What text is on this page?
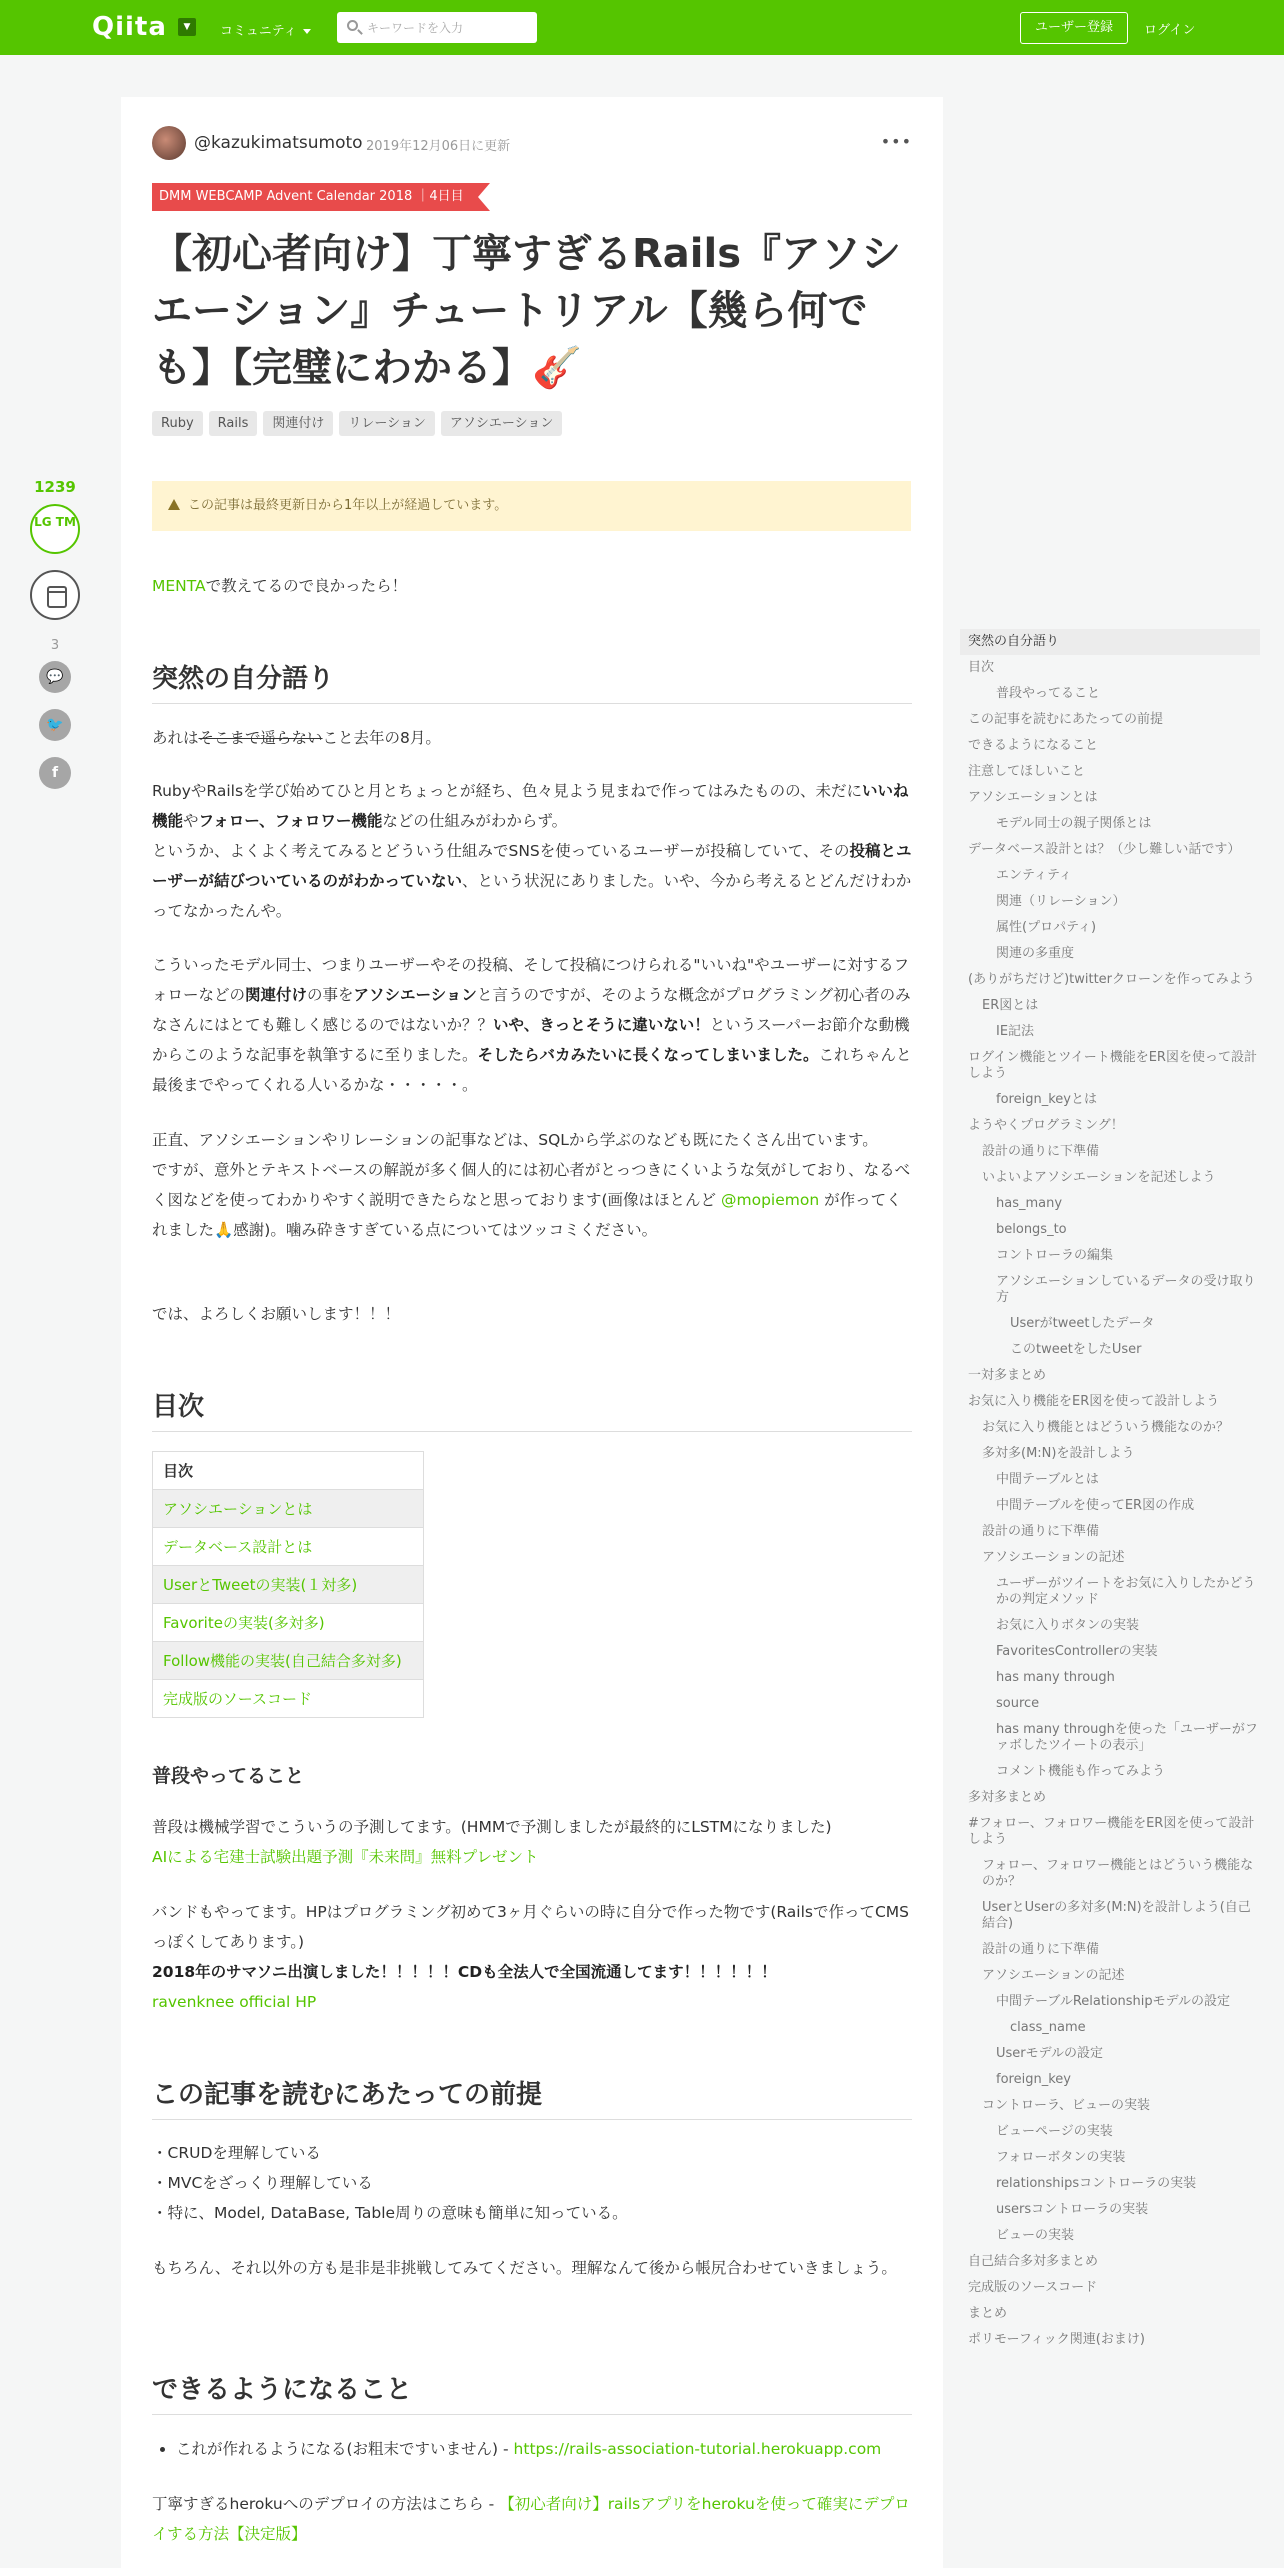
Qiita	▼	コミュニティ
キーワードを入力	ユーザー登録	ログイン
1239
LG TM
3
💬
🐦
f
@kazukimatsumoto 2019年12月06日に更新	•••
DMM WEBCAMP Advent Calendar 2018 ｜4日目
【初心者向け】丁寧すぎるRails『アソシエーション』チュートリアル【幾ら何でも】【完璧にわかる】🎸
Ruby Rails 関連付け リレーション アソシエーション
この記事は最終更新日から1年以上が経過しています。

MENTAで教えてるので良かったら！

突然の自分語り

あれはそこまで遥らないこと去年の8月。

RubyやRailsを学び始めてひと月とちょっとが経ち、色々見よう見まねで作ってはみたものの、未だにいいね機能やフォロー、フォロワー機能などの仕組みがわからず。
というか、よくよく考えてみるとどういう仕組みでSNSを使っているユーザーが投稿していて、その投稿とユーザーが結びついているのがわかっていない、という状況にありました。いや、今から考えるとどんだけわかってなかったんや。

こういったモデル同士、つまりユーザーやその投稿、そして投稿につけられる"いいね"やユーザーに対するフォローなどの関連付けの事をアソシエーションと言うのですが、そのような概念がプログラミング初心者のみなさんにはとても難しく感じるのではないか？？いや、きっとそうに違いない！というスーパーお節介な動機からこのような記事を執筆するに至りました。そしたらバカみたいに長くなってしまいました。これちゃんと最後までやってくれる人いるかな・・・・・。

正直、アソシエーションやリレーションの記事などは、SQLから学ぶのなども既にたくさん出ています。
ですが、意外とテキストベースの解説が多く個人的には初心者がとっつきにくいような気がしており、なるべく図などを使ってわかりやすく説明できたらなと思っております(画像はほとんど @mopiemon が作ってくれました🙏感謝)。噛み砕きすぎている点についてはツッコミください。

では、よろしくお願いします！！！

目次
目次
アソシエーションとは
データベース設計とは
UserとTweetの実装(１対多)
Favoriteの実装(多対多)
Follow機能の実装(自己結合多対多)
完成版のソースコード
普段やってること

普段は機械学習でこういうの予測してます。(HMMで予測しましたが最終的にLSTMになりました)
AIによる宅建士試験出題予測『未来問』無料プレゼント

バンドもやってます。HPはプログラミング初めて3ヶ月ぐらいの時に自分で作った物です(Railsで作ってCMSっぽくしてあります。)
2018年のサマソニ出演しました！！！！！CDも全法人で全国流通してます！！！！！！
ravenknee official HP

この記事を読むにあたっての前提
・CRUDを理解している
・MVCをざっくり理解している
・特に、Model, DataBase, Table周りの意味も簡単に知っている。

もちろん、それ以外の方も是非是非挑戦してみてください。理解なんて後から帳尻合わせていきましょう。

できるようになること
• これが作れるようになる(お粗末ですいません) - https://rails-association-tutorial.herokuapp.com

丁寧すぎるherokuへのデプロイの方法はこちら - 【初心者向け】railsアプリをherokuを使って確実にデプロイする方法【決定版】

突然の自分語り
目次
普段やってること
この記事を読むにあたっての前提
できるようになること
注意してほしいこと
アソシエーションとは
モデル同士の親子関係とは
データベース設計とは？（少し難しい話です）
エンティティ
関連（リレーション）
属性(プロパティ)
関連の多重度
(ありがちだけど)twitterクローンを作ってみよう
ER図とは
IE記法
ログイン機能とツイート機能をER図を使って設計しよう
foreign_keyとは
ようやくプログラミング！
設計の通りに下準備
いよいよアソシエーションを記述しよう
has_many
belongs_to
コントローラの編集
アソシエーションしているデータの受け取り方
Userがtweetしたデータ
このtweetをしたUser
一対多まとめ
お気に入り機能をER図を使って設計しよう
お気に入り機能とはどういう機能なのか？
多対多(M:N)を設計しよう
中間テーブルとは
中間テーブルを使ってER図の作成
設計の通りに下準備
アソシエーションの記述
ユーザーがツイートをお気に入りしたかどうかの判定メソッド
お気に入りボタンの実装
FavoritesControllerの実装
has many through
source
has many throughを使った「ユーザーがファボしたツイートの表示」
コメント機能も作ってみよう
多対多まとめ
#フォロー、フォロワー機能をER図を使って設計しよう
フォロー、フォロワー機能とはどういう機能なのか？
UserとUserの多対多(M:N)を設計しよう(自己結合)
設計の通りに下準備
アソシエーションの記述
中間テーブルRelationshipモデルの設定
class_name
Userモデルの設定
foreign_key
コントローラ、ビューの実装
ビューページの実装
フォローボタンの実装
relationshipsコントローラの実装
usersコントローラの実装
ビューの実装
自己結合多対多まとめ
完成版のソースコード
まとめ
ポリモーフィック関連(おまけ)
